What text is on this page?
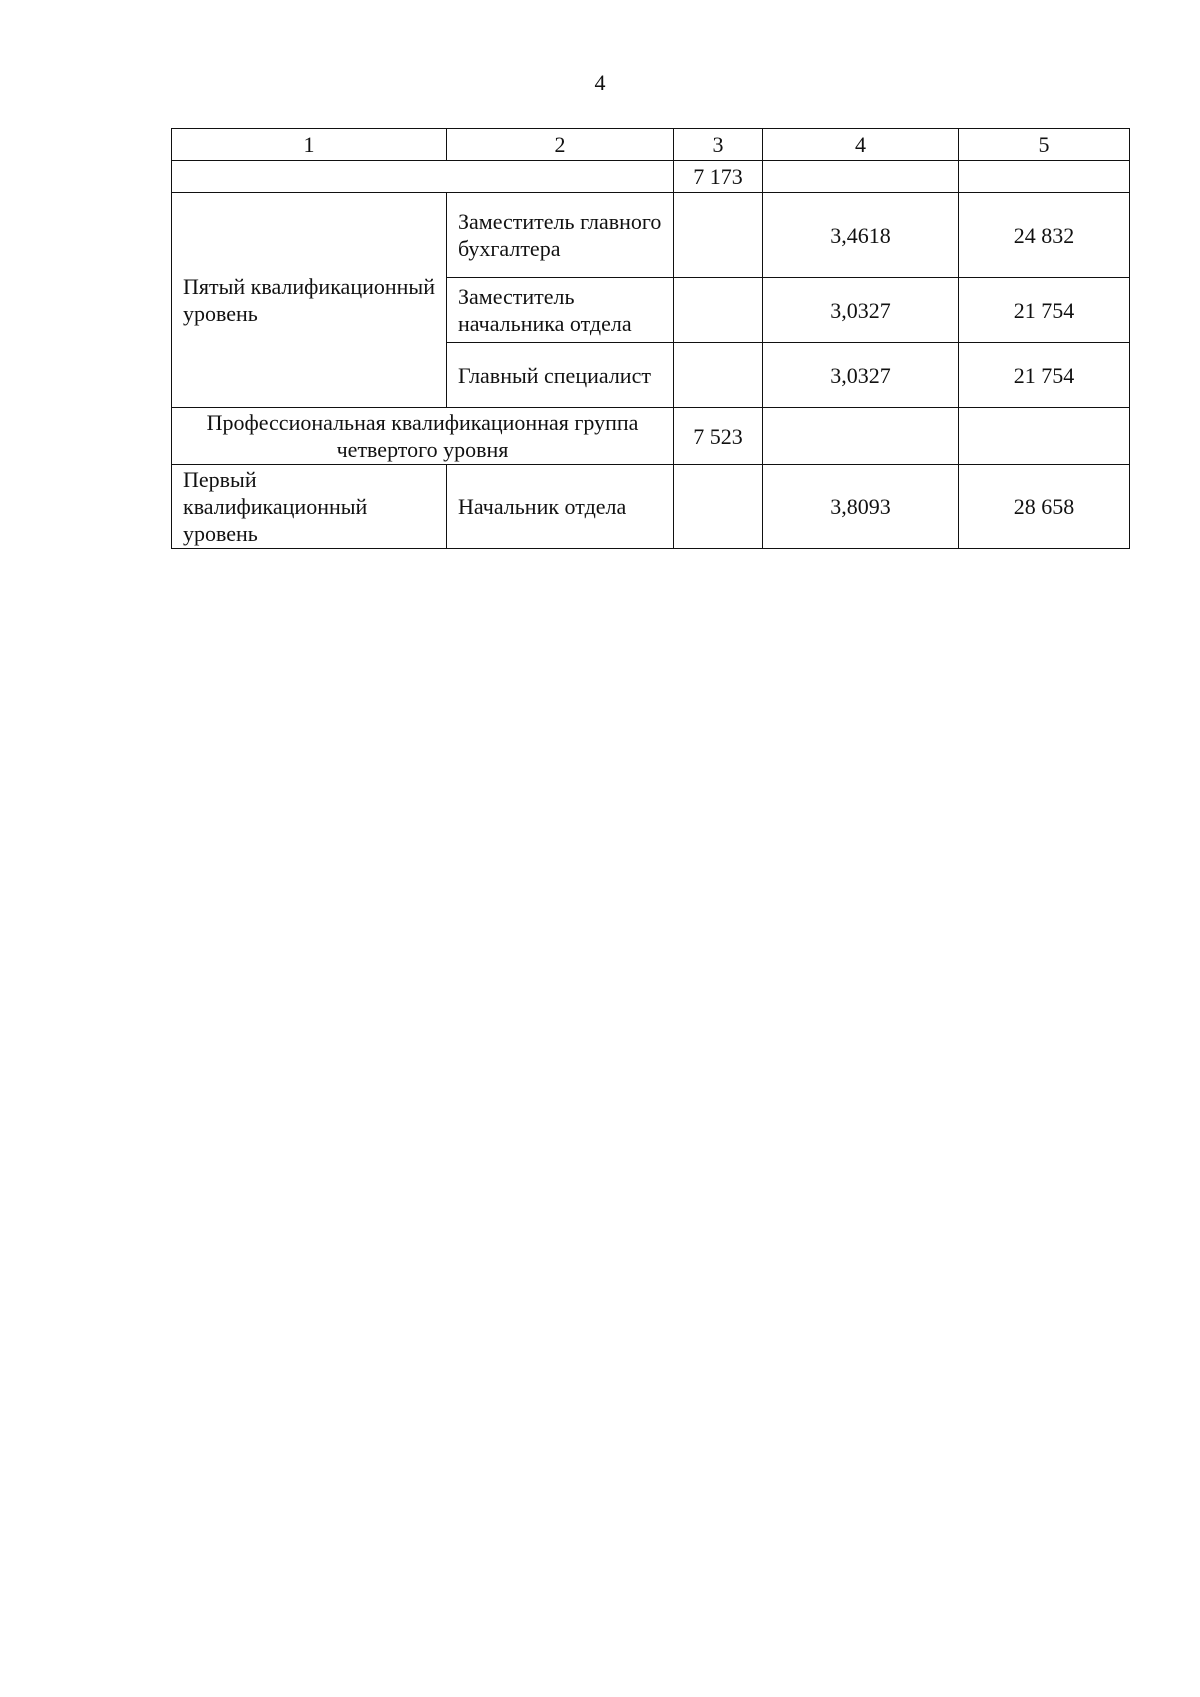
4
1	2	3	4	5
		7 173		
Пятый квалификационный уровень	Заместитель главного бухгалтера		3,4618	24 832
	Заместитель начальника отдела		3,0327	21 754
	Главный специалист		3,0327	21 754
Профессиональная квалификационная группа четвертого уровня		7 523		
Первый квалификационный уровень	Начальник отдела		3,8093	28 658
